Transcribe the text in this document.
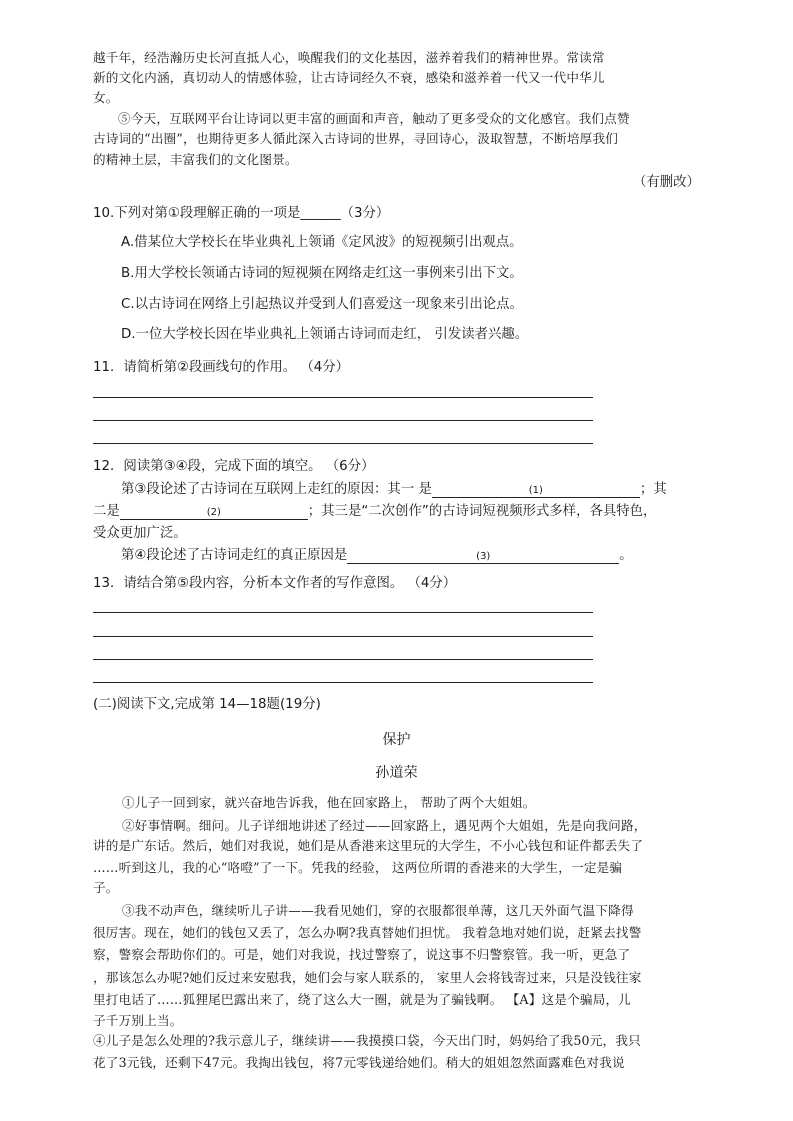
越千年，经浩瀚历史长河直抵人心，唤醒我们的文化基因，滋养着我们的精神世界。常读常
新的文化内涵，真切动人的情感体验，让古诗词经久不衰，感染和滋养着一代又一代中华儿
女。
⑤今天，互联网平台让诗词以更丰富的画面和声音，触动了更多受众的文化感官。我们点赞
古诗词的“出圈”，也期待更多人循此深入古诗词的世界，寻回诗心，汲取智慧，不断培厚我们
的精神土层，丰富我们的文化图景。
（有删改）
10.下列对第①段理解正确的一项是______（3分）
A.借某位大学校长在毕业典礼上领诵《定风波》的短视频引出观点。
B.用大学校长领诵古诗词的短视频在网络走红这一事例来引出下文。
C.以古诗词在网络上引起热议并受到人们喜爱这一现象来引出论点。
D.一位大学校长因在毕业典礼上领诵古诗词而走红， 引发读者兴趣。
11．请简析第②段画线句的作用。 （4分）
12．阅读第③④段，完成下面的填空。 （6分）
第③段论述了古诗词在互联网上走红的原因：其一 是	(1)	；其
二是	(2)	；其三是“二次创作”的古诗词短视频形式多样，各具特色，
受众更加广泛。
第④段论述了古诗词走红的真正原因是	(3)	。
13．请结合第⑤段内容，分析本文作者的写作意图。 （4分）
(二)阅读下文,完成第 14—18题(19分)
保护
孙道荣
①儿子一回到家，就兴奋地告诉我，他在回家路上， 帮助了两个大姐姐。
②好事情啊。细问。儿子详细地讲述了经过——回家路上，遇见两个大姐姐，先是向我问路，
讲的是广东话。然后，她们对我说，她们是从香港来这里玩的大学生，不小心钱包和证件都丢失了
……听到这儿，我的心“咯噔”了一下。凭我的经验， 这两位所谓的香港来的大学生，一定是骗
子。
③我不动声色，继续听儿子讲——我看见她们，穿的衣服都很单薄，这几天外面气温下降得
很厉害。现在，她们的钱包又丢了，怎么办啊?我真替她们担忧。 我着急地对她们说，赶紧去找警
察，警察会帮助你们的。可是，她们对我说，找过警察了，说这事不归警察管。我一听，更急了
，那该怎么办呢?她们反过来安慰我，她们会与家人联系的， 家里人会将钱寄过来，只是没钱往家
里打电话了……狐狸尾巴露出来了，绕了这么大一圈，就是为了骗钱啊。 【A】这是个骗局，儿
子千万别上当。
④儿子是怎么处理的?我示意儿子，继续讲——我摸摸口袋，今天出门时，妈妈给了我50元，我只
花了3元钱，还剩下47元。我掏出钱包，将7元零钱递给她们。稍大的姐姐忽然面露难色对我说
